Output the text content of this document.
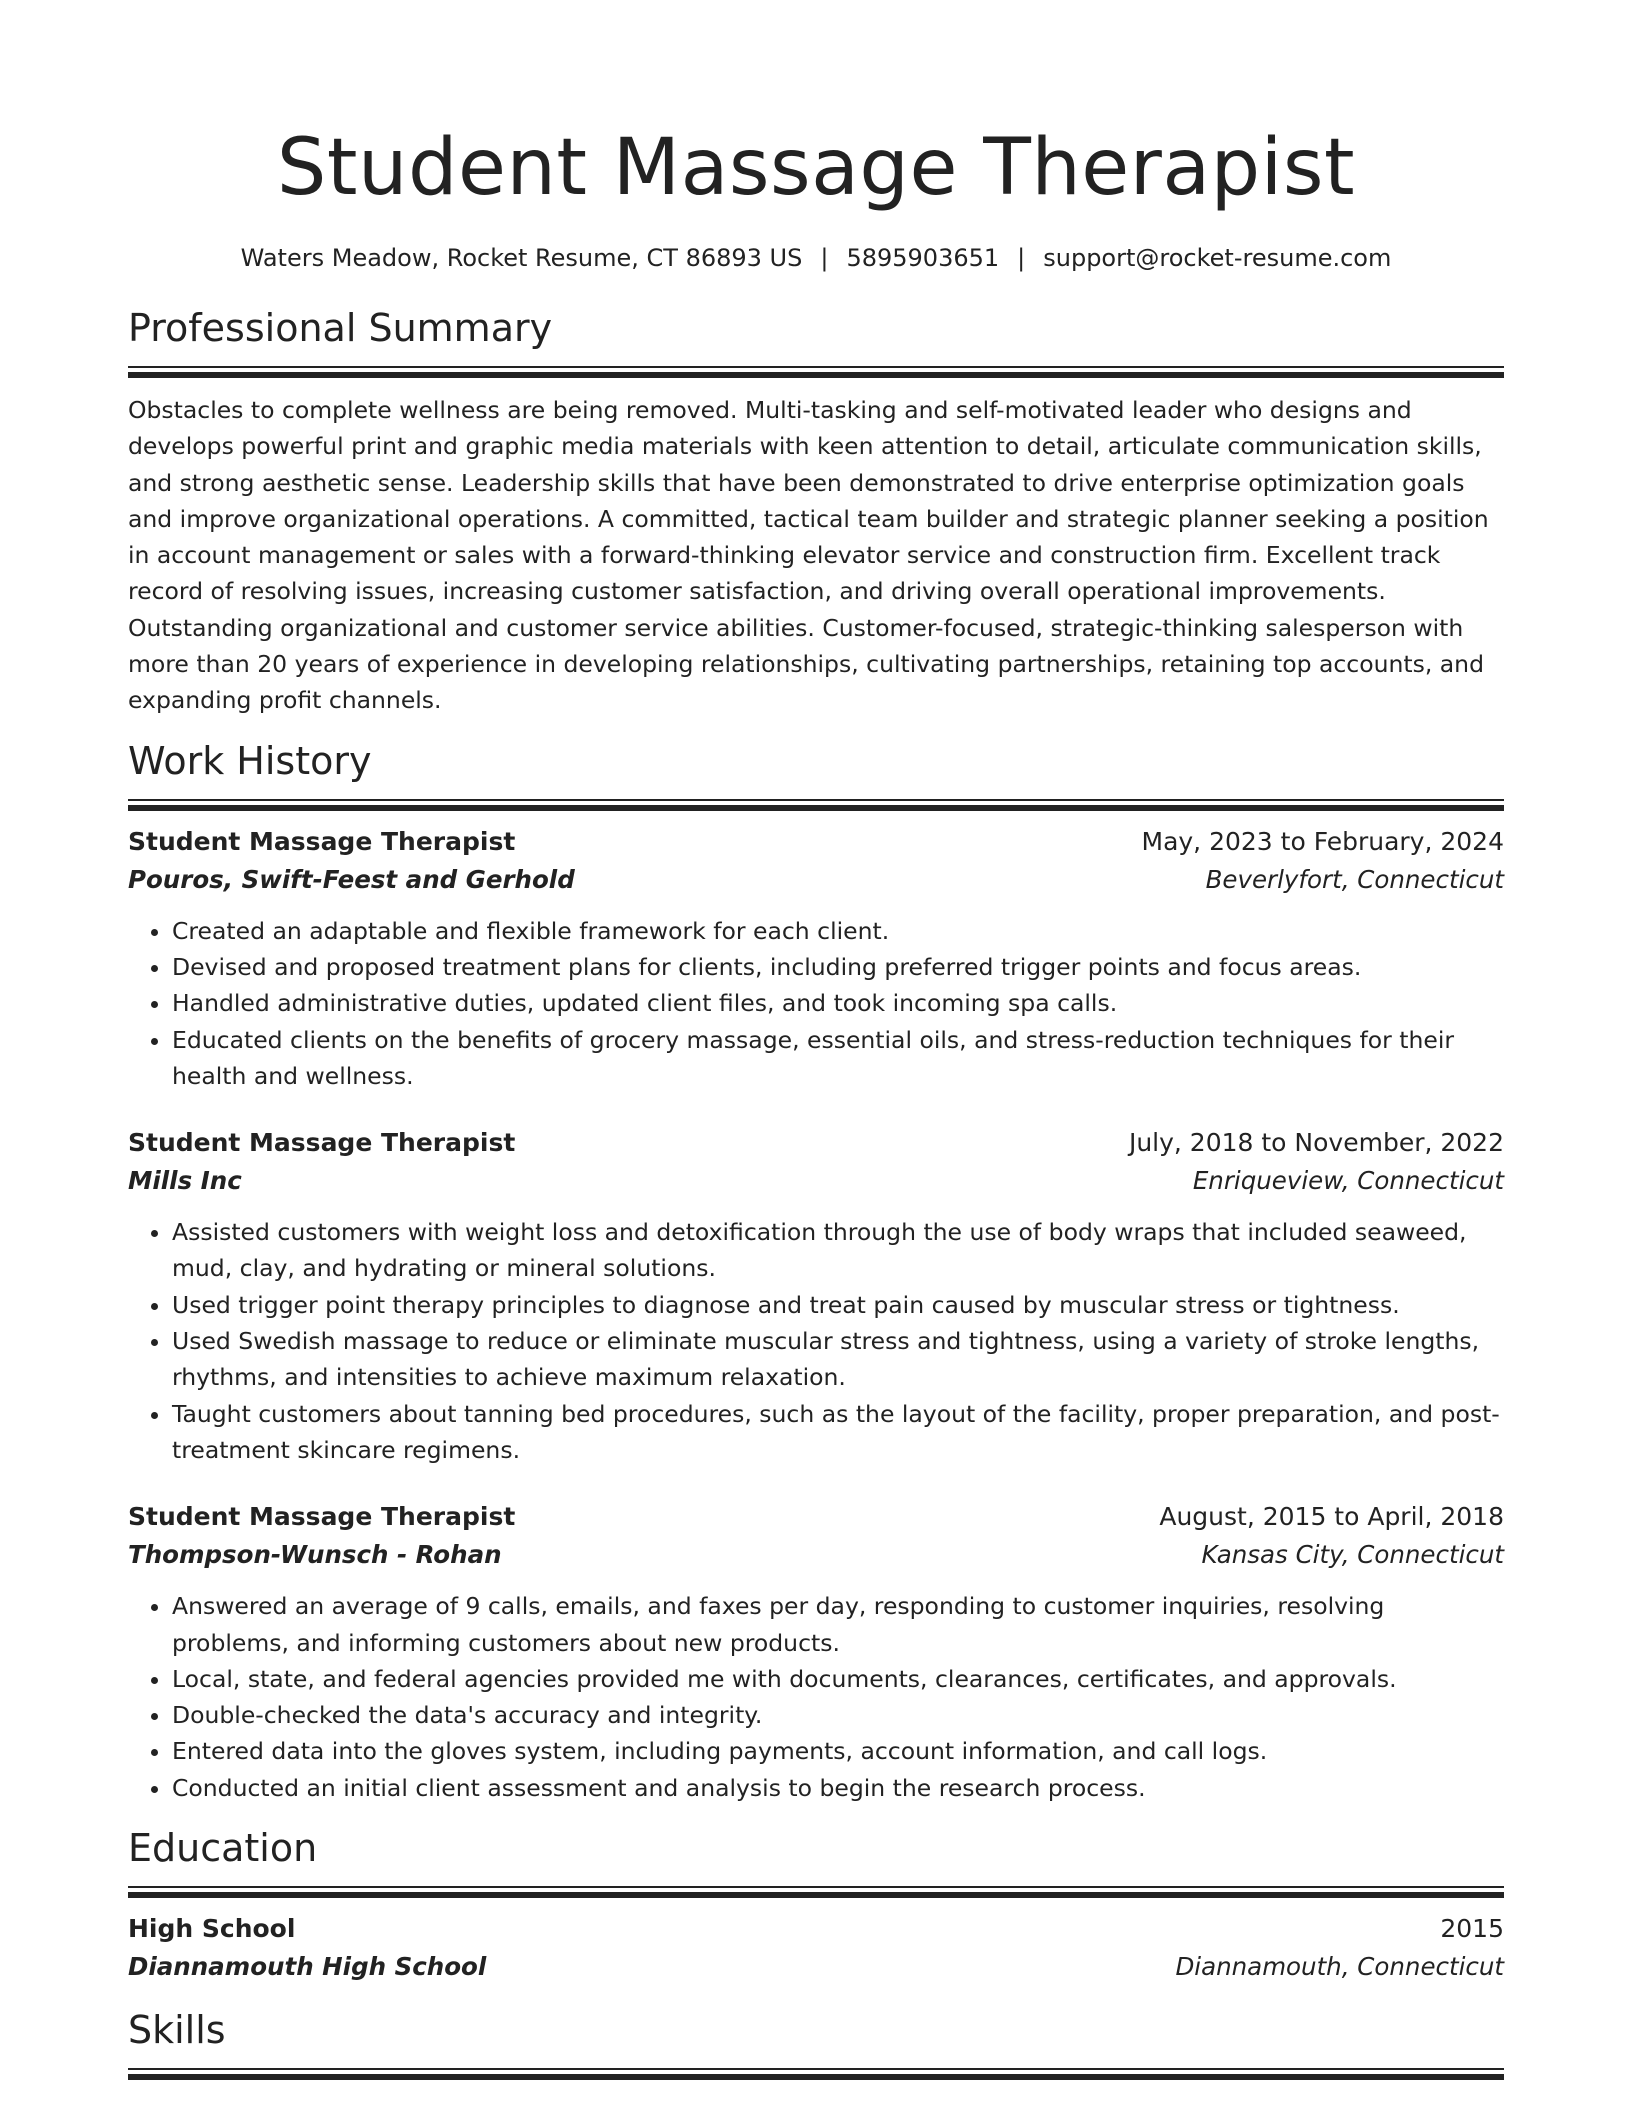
Student Massage Therapist
Waters Meadow, Rocket Resume, CT 86893 US | 5895903651 | support@rocket-resume.com
Professional Summary
Obstacles to complete wellness are being removed. Multi-tasking and self-motivated leader who designs and develops powerful print and graphic media materials with keen attention to detail, articulate communication skills, and strong aesthetic sense. Leadership skills that have been demonstrated to drive enterprise optimization goals and improve organizational operations. A committed, tactical team builder and strategic planner seeking a position in account management or sales with a forward-thinking elevator service and construction firm. Excellent track record of resolving issues, increasing customer satisfaction, and driving overall operational improvements. Outstanding organizational and customer service abilities. Customer-focused, strategic-thinking salesperson with more than 20 years of experience in developing relationships, cultivating partnerships, retaining top accounts, and expanding profit channels.
Work History
Student Massage Therapist	May, 2023 to February, 2024
Pouros, Swift-Feest and Gerhold	Beverlyfort, Connecticut
• Created an adaptable and flexible framework for each client.
• Devised and proposed treatment plans for clients, including preferred trigger points and focus areas.
• Handled administrative duties, updated client files, and took incoming spa calls.
• Educated clients on the benefits of grocery massage, essential oils, and stress-reduction techniques for their health and wellness.
Student Massage Therapist	July, 2018 to November, 2022
Mills Inc	Enriqueview, Connecticut
• Assisted customers with weight loss and detoxification through the use of body wraps that included seaweed, mud, clay, and hydrating or mineral solutions.
• Used trigger point therapy principles to diagnose and treat pain caused by muscular stress or tightness.
• Used Swedish massage to reduce or eliminate muscular stress and tightness, using a variety of stroke lengths, rhythms, and intensities to achieve maximum relaxation.
• Taught customers about tanning bed procedures, such as the layout of the facility, proper preparation, and post-treatment skincare regimens.
Student Massage Therapist	August, 2015 to April, 2018
Thompson-Wunsch - Rohan	Kansas City, Connecticut
• Answered an average of 9 calls, emails, and faxes per day, responding to customer inquiries, resolving problems, and informing customers about new products.
• Local, state, and federal agencies provided me with documents, clearances, certificates, and approvals.
• Double-checked the data's accuracy and integrity.
• Entered data into the gloves system, including payments, account information, and call logs.
• Conducted an initial client assessment and analysis to begin the research process.
Education
High School	2015
Diannamouth High School	Diannamouth, Connecticut
Skills
